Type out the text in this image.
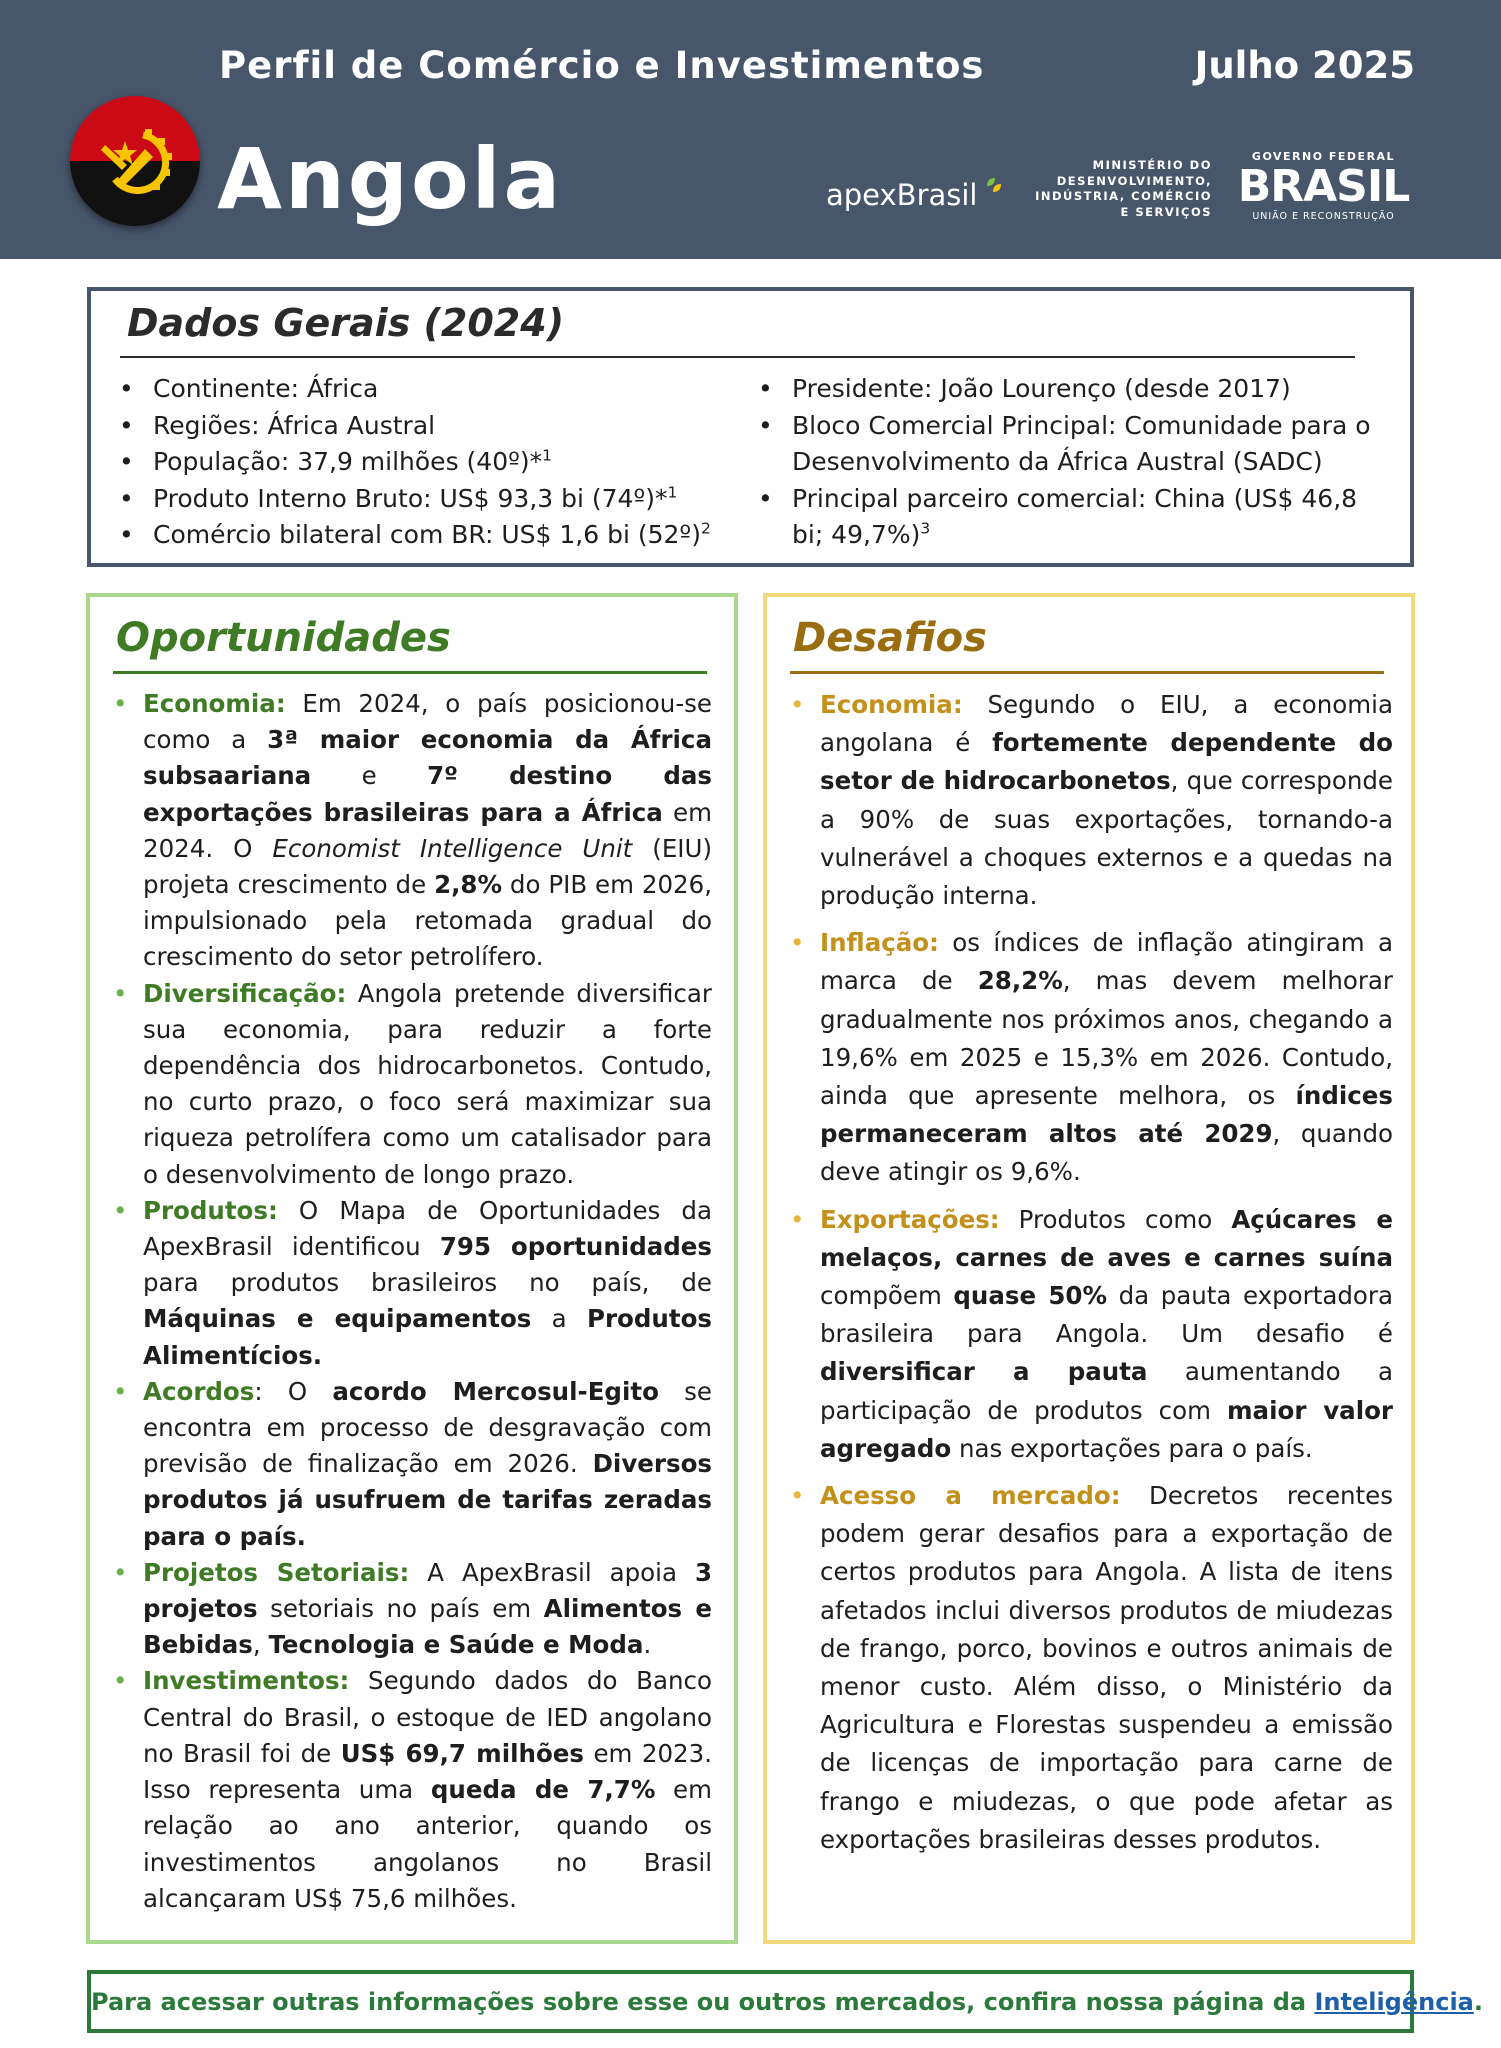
Perfil de Comércio e Investimentos	Julho 2025
Angola	apexBrasil
MINISTÉRIO DO
DESENVOLVIMENTO,
INDÚSTRIA, COMÉRCIO
E SERVIÇOS
GOVERNO FEDERAL
BRASIL
UNIÃO E RECONSTRUÇÃO
Dados Gerais (2024)
• Continente: África
• Regiões: África Austral
• População: 37,9 milhões (40º)*$^1$
• Produto Interno Bruto: US$ 93,3 bi (74º)*$^1$
• Comércio bilateral com BR: US$ 1,6 bi (52º)$^2$
• Presidente: João Lourenço (desde 2017)
• Bloco Comercial Principal: Comunidade para o Desenvolvimento da África Austral (SADC)
• Principal parceiro comercial: China (US$ 46,8 bi; 49,7%)$^3$
Oportunidades
• Economia: Em 2024, o país posicionou-se como a 3ª maior economia da África subsaariana e 7º destino das exportações brasileiras para a África em 2024. O Economist Intelligence Unit (EIU) projeta crescimento de 2,8% do PIB em 2026, impulsionado pela retomada gradual do crescimento do setor petrolífero.
• Diversificação: Angola pretende diversificar sua economia, para reduzir a forte dependência dos hidrocarbonetos. Contudo, no curto prazo, o foco será maximizar sua riqueza petrolífera como um catalisador para o desenvolvimento de longo prazo.
• Produtos: O Mapa de Oportunidades da ApexBrasil identificou 795 oportunidades para produtos brasileiros no país, de Máquinas e equipamentos a Produtos Alimentícios.
• Acordos: O acordo Mercosul-Egito se encontra em processo de desgravação com previsão de finalização em 2026. Diversos produtos já usufruem de tarifas zeradas para o país.
• Projetos Setoriais: A ApexBrasil apoia 3 projetos setoriais no país em Alimentos e Bebidas, Tecnologia e Saúde e Moda.
• Investimentos: Segundo dados do Banco Central do Brasil, o estoque de IED angolano no Brasil foi de US$ 69,7 milhões em 2023. Isso representa uma queda de 7,7% em relação ao ano anterior, quando os investimentos angolanos no Brasil alcançaram US$ 75,6 milhões.
Desafios
• Economia: Segundo o EIU, a economia angolana é fortemente dependente do setor de hidrocarbonetos, que corresponde a 90% de suas exportações, tornando-a vulnerável a choques externos e a quedas na produção interna.
• Inflação: os índices de inflação atingiram a marca de 28,2%, mas devem melhorar gradualmente nos próximos anos, chegando a 19,6% em 2025 e 15,3% em 2026. Contudo, ainda que apresente melhora, os índices permaneceram altos até 2029, quando deve atingir os 9,6%.
• Exportações: Produtos como Açúcares e melaços, carnes de aves e carnes suína compõem quase 50% da pauta exportadora brasileira para Angola. Um desafio é diversificar a pauta aumentando a participação de produtos com maior valor agregado nas exportações para o país.
• Acesso a mercado: Decretos recentes podem gerar desafios para a exportação de certos produtos para Angola. A lista de itens afetados inclui diversos produtos de miudezas de frango, porco, bovinos e outros animais de menor custo. Além disso, o Ministério da Agricultura e Florestas suspendeu a emissão de licenças de importação para carne de frango e miudezas, o que pode afetar as exportações brasileiras desses produtos.
Para acessar outras informações sobre esse ou outros mercados, confira nossa página da Inteligência.
